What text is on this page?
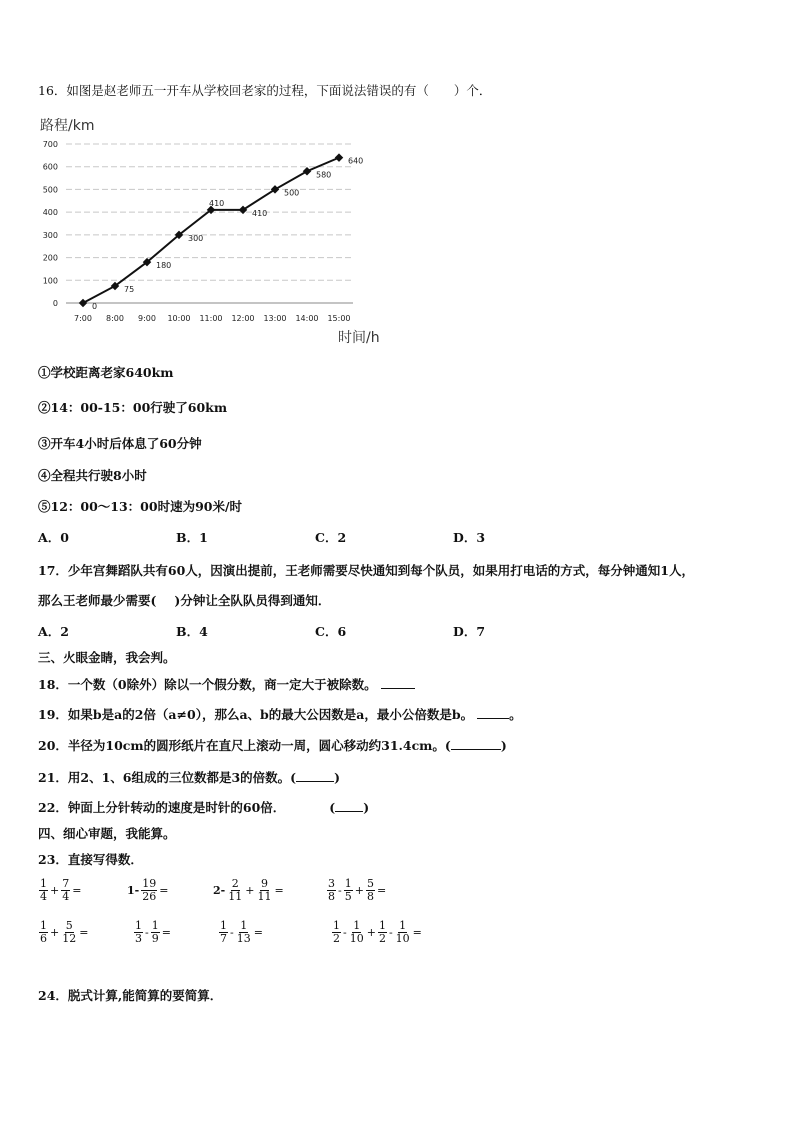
16．如图是赵老师五一开车从学校回老家的过程，下面说法错误的有（　　）个．
路程/km
0
100
200
300
400
500
600
700
7:00 8:00 9:00 10:00 11:00 12:00 13:00 14:00 15:00
0
75
180
300
410
410
500
580
640
时间/h
①学校距离老家640km
②14：00-15：00行驶了60km
③开车4小时后体息了60分钟
④全程共行驶8小时
⑤12：00～13：00时速为90米/时
A．0	B．1	C．2	D．3
17．少年宫舞蹈队共有60人，因演出提前，王老师需要尽快通知到每个队员，如果用打电话的方式，每分钟通知1人，
那么王老师最少需要( )分钟让全队队员得到通知．
A．2	B．4	C．6	D．7
三、火眼金睛，我会判。
18．一个数（0除外）除以一个假分数，商一定大于被除数。
19．如果b是a的2倍（a≠0），那么a、b的最大公因数是a，最小公倍数是b。	。
20．半径为10cm的圆形纸片在直尺上滚动一周，圆心移动约31.4cm。(	)
21．用2、1、6组成的三位数都是3的倍数。(	)
22．钟面上分针转动的速度是时针的60倍．	( )
四、细心审题，我能算。
23．直接写得数．
$\frac{1}{4} + \frac{7}{4}$ =	$1- \frac{19}{26}$ =	$2- \frac{2}{11} + \frac{9}{11}$ =	$\frac{3}{8} - \frac{1}{5} + \frac{5}{8}$ =
$\frac{1}{6} + \frac{5}{12}$ =	$\frac{1}{3} - \frac{1}{9}$ =	$\frac{1}{7} - \frac{1}{13}$ =	$\frac{1}{2} - \frac{1}{10} + \frac{1}{2} - \frac{1}{10}$ =
24．脱式计算,能简算的要简算．
